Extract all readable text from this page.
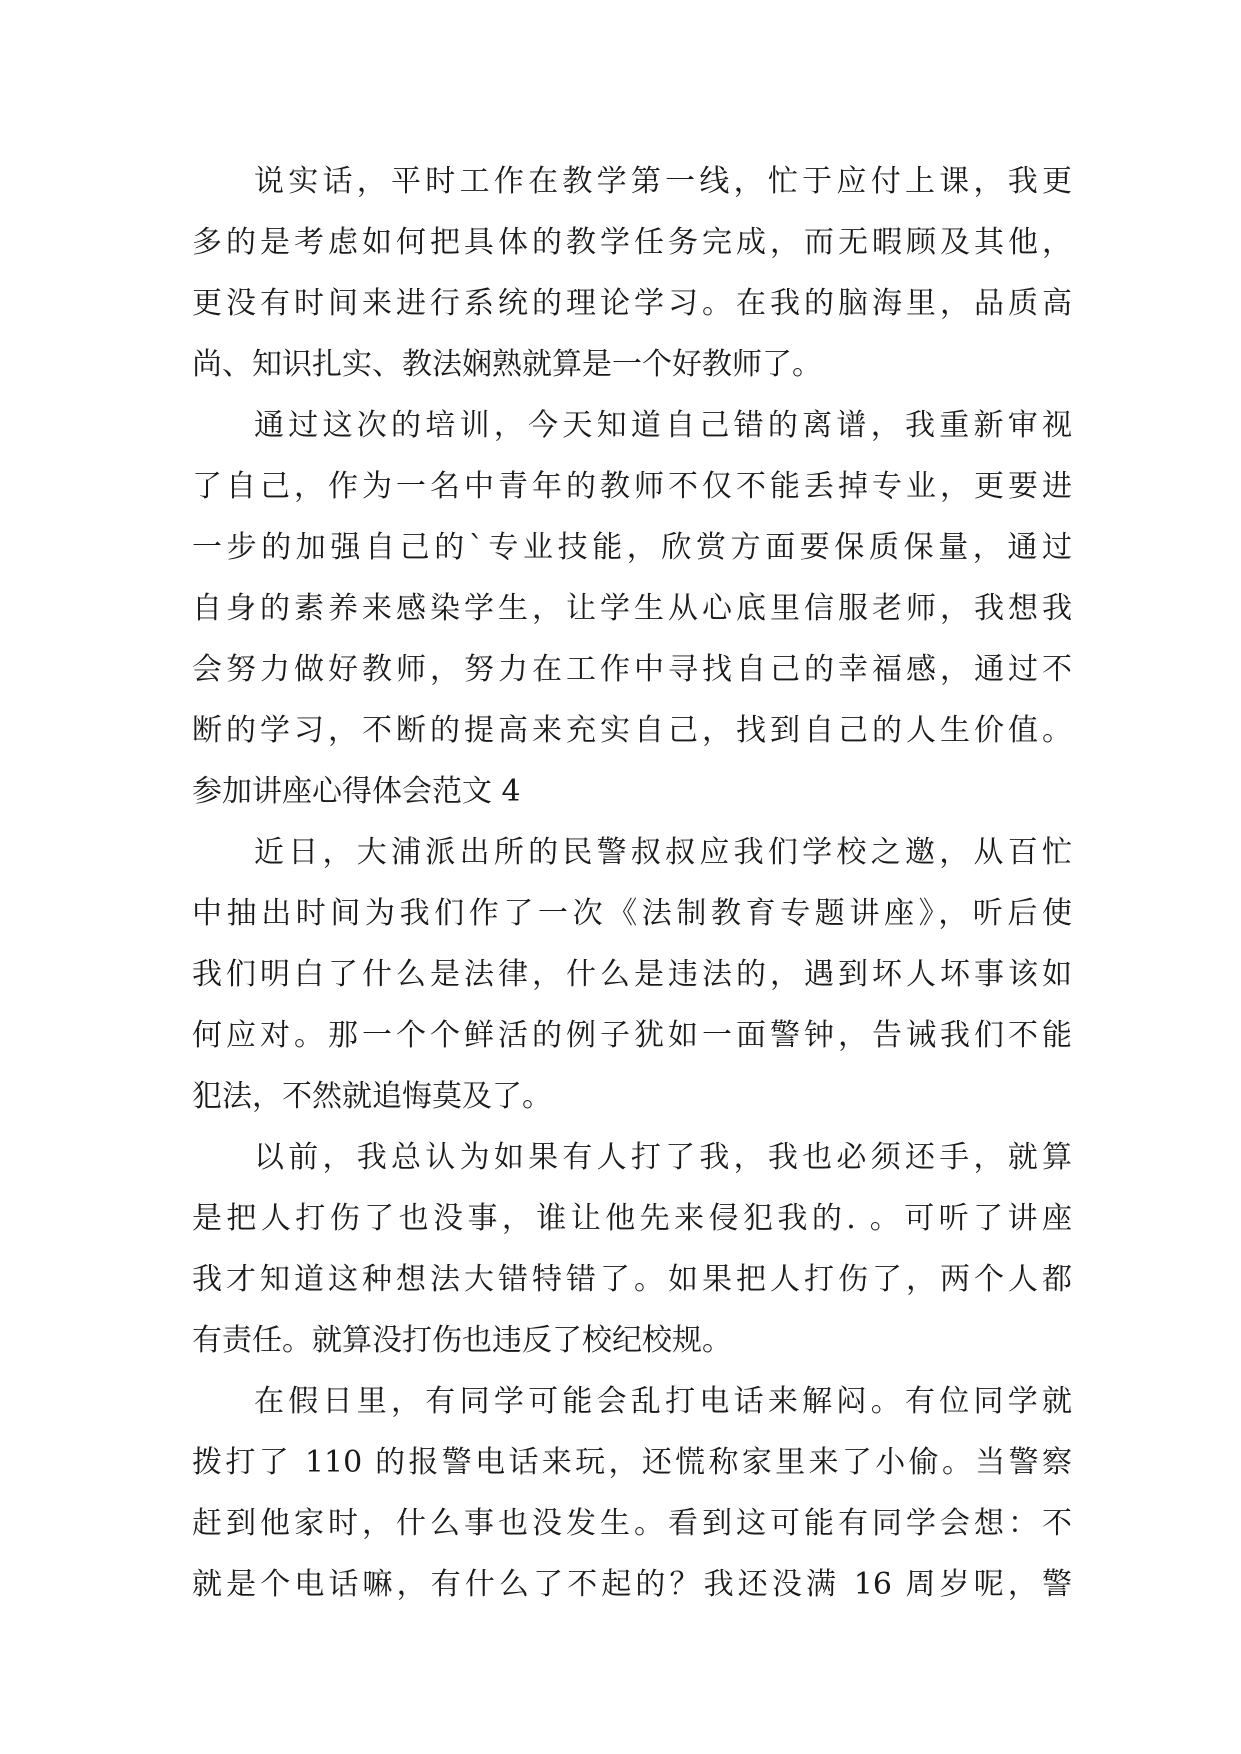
说实话，平时工作在教学第一线，忙于应付上课，我更
多的是考虑如何把具体的教学任务完成，而无暇顾及其他，
更没有时间来进行系统的理论学习。在我的脑海里，品质高
尚、知识扎实、教法娴熟就算是一个好教师了。
通过这次的培训，今天知道自己错的离谱，我重新审视
了自己，作为一名中青年的教师不仅不能丢掉专业，更要进
一步的加强自己的`专业技能，欣赏方面要保质保量，通过
自身的素养来感染学生，让学生从心底里信服老师，我想我
会努力做好教师，努力在工作中寻找自己的幸福感，通过不
断的学习，不断的提高来充实自己，找到自己的人生价值。
参加讲座心得体会范文 4
近日，大浦派出所的民警叔叔应我们学校之邀，从百忙
中抽出时间为我们作了一次《法制教育专题讲座》，听后使
我们明白了什么是法律，什么是违法的，遇到坏人坏事该如
何应对。那一个个鲜活的例子犹如一面警钟，告诫我们不能
犯法，不然就追悔莫及了。
以前，我总认为如果有人打了我，我也必须还手，就算
是把人打伤了也没事，谁让他先来侵犯我的. 。可听了讲座
我才知道这种想法大错特错了。如果把人打伤了，两个人都
有责任。就算没打伤也违反了校纪校规。
在假日里，有同学可能会乱打电话来解闷。有位同学就
拨打了 110 的报警电话来玩，还慌称家里来了小偷。当警察
赶到他家时，什么事也没发生。看到这可能有同学会想：不
就是个电话嘛，有什么了不起的？我还没满 16 周岁呢，警
